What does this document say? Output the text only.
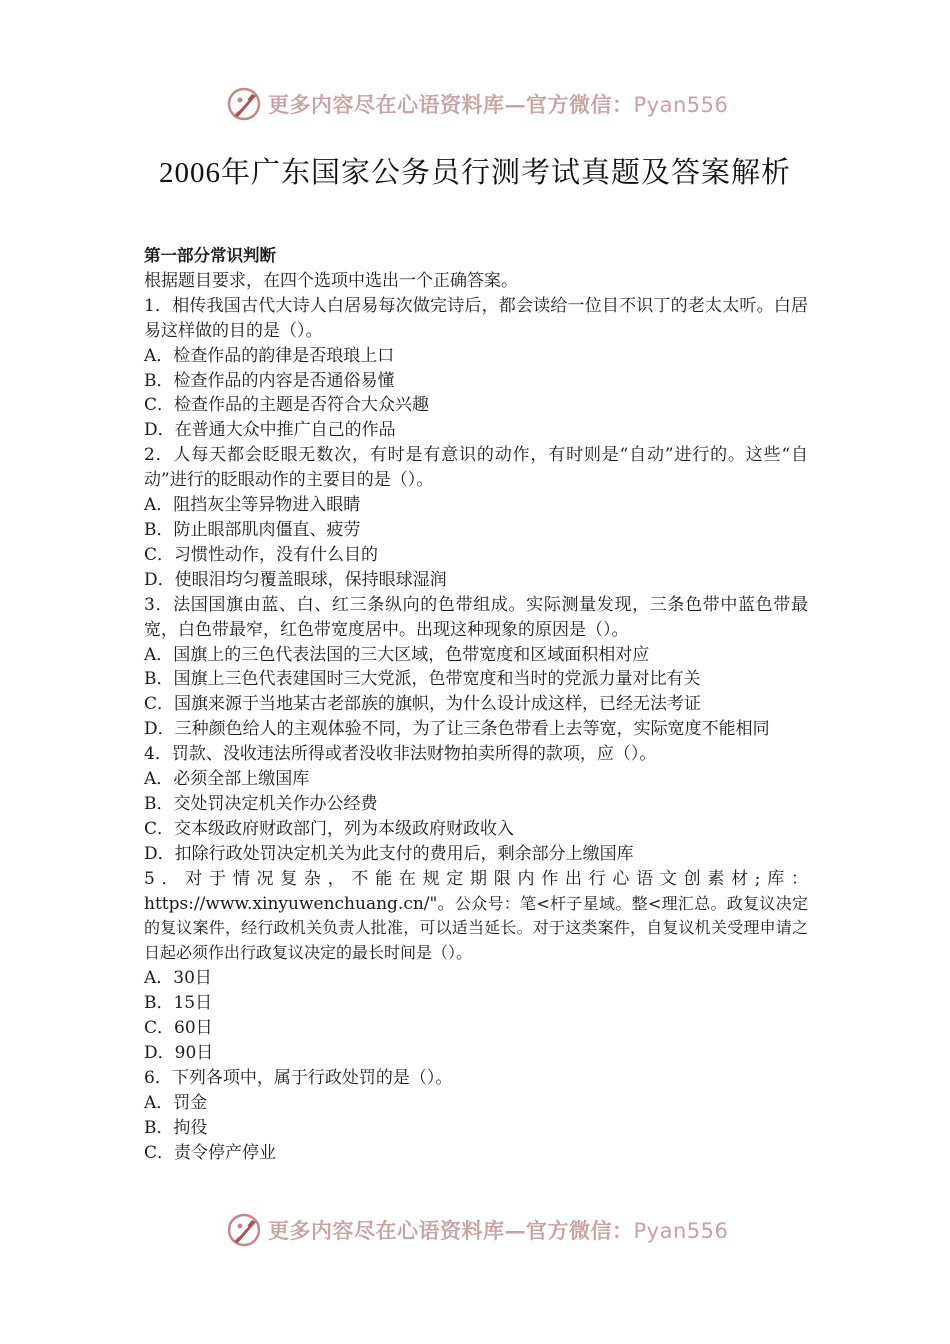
更多内容尽在心语资料库—官方微信：Pyan556
2006年广东国家公务员行测考试真题及答案解析

第一部分常识判断

根据题目要求，在四个选项中选出一个正确答案。

1．相传我国古代大诗人白居易每次做完诗后，都会读给一位目不识丁的老太太听。白居易这样做的目的是（）。

A．检查作品的韵律是否琅琅上口

B．检查作品的内容是否通俗易懂

C．检查作品的主题是否符合大众兴趣

D．在普通大众中推广自己的作品

2．人每天都会眨眼无数次，有时是有意识的动作，有时则是“自动”进行的。这些“自动”进行的眨眼动作的主要目的是（）。

A．阻挡灰尘等异物进入眼睛

B．防止眼部肌肉僵直、疲劳

C．习惯性动作，没有什么目的

D．使眼泪均匀覆盖眼球，保持眼球湿润

3．法国国旗由蓝、白、红三条纵向的色带组成。实际测量发现，三条色带中蓝色带最宽，白色带最窄，红色带宽度居中。出现这种现象的原因是（）。

A．国旗上的三色代表法国的三大区域，色带宽度和区域面积相对应

B．国旗上三色代表建国时三大党派，色带宽度和当时的党派力量对比有关

C．国旗来源于当地某古老部族的旗帜，为什么设计成这样，已经无法考证

D．三种颜色给人的主观体验不同，为了让三条色带看上去等宽，实际宽度不能相同

4．罚款、没收违法所得或者没收非法财物拍卖所得的款项，应（）。

A．必须全部上缴国库

B．交处罚决定机关作办公经费

C．交本级政府财政部门，列为本级政府财政收入

D．扣除行政处罚决定机关为此支付的费用后，剩余部分上缴国库

5．对于情况复杂，不能在规定期限内作出行心语文创素材;库：https://www.xinyuwenchuang.cn/"。公众号：笔<杆子星域。整<理汇总。政复议决定的复议案件，经行政机关负责人批准，可以适当延长。对于这类案件，自复议机关受理申请之日起必须作出行政复议决定的最长时间是（）。

A．30日

B．15日

C．60日

D．90日

6．下列各项中，属于行政处罚的是（）。

A．罚金

B．拘役

C．责令停产停业

更多内容尽在心语资料库—官方微信：Pyan556
